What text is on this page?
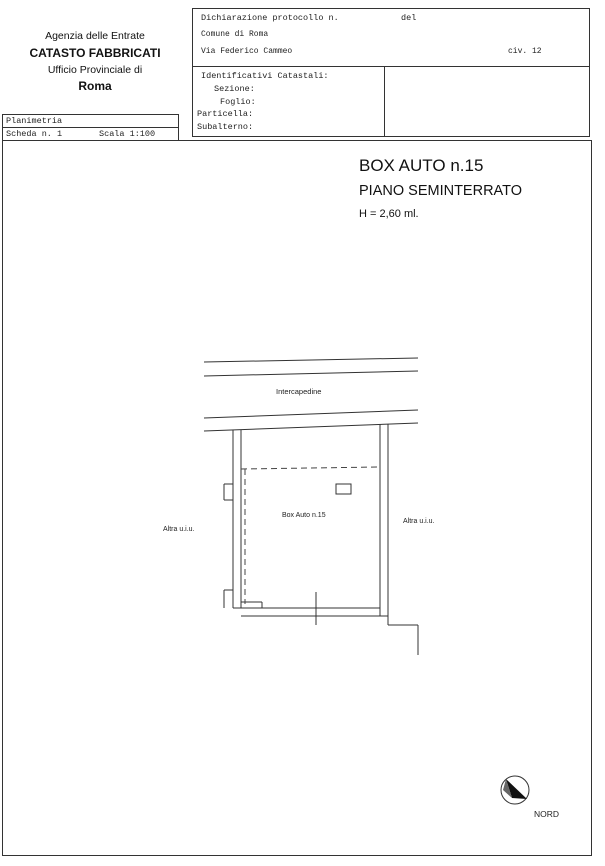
Agenzia delle Entrate
CATASTO FABBRICATI
Ufficio Provinciale di
Roma
Dichiarazione protocollo n.	del
Comune di Roma
Via Federico Cammeo	civ. 12
Identificativi Catastali:
Sezione:
Foglio:
Particella:
Subalterno:
Planimetria
Scheda n. 1	Scala 1:100
BOX AUTO n.15
PIANO SEMINTERRATO
H = 2,60 ml.
Intercapedine
Box Auto n.15
Altra u.i.u.
Altra u.i.u.
NORD
